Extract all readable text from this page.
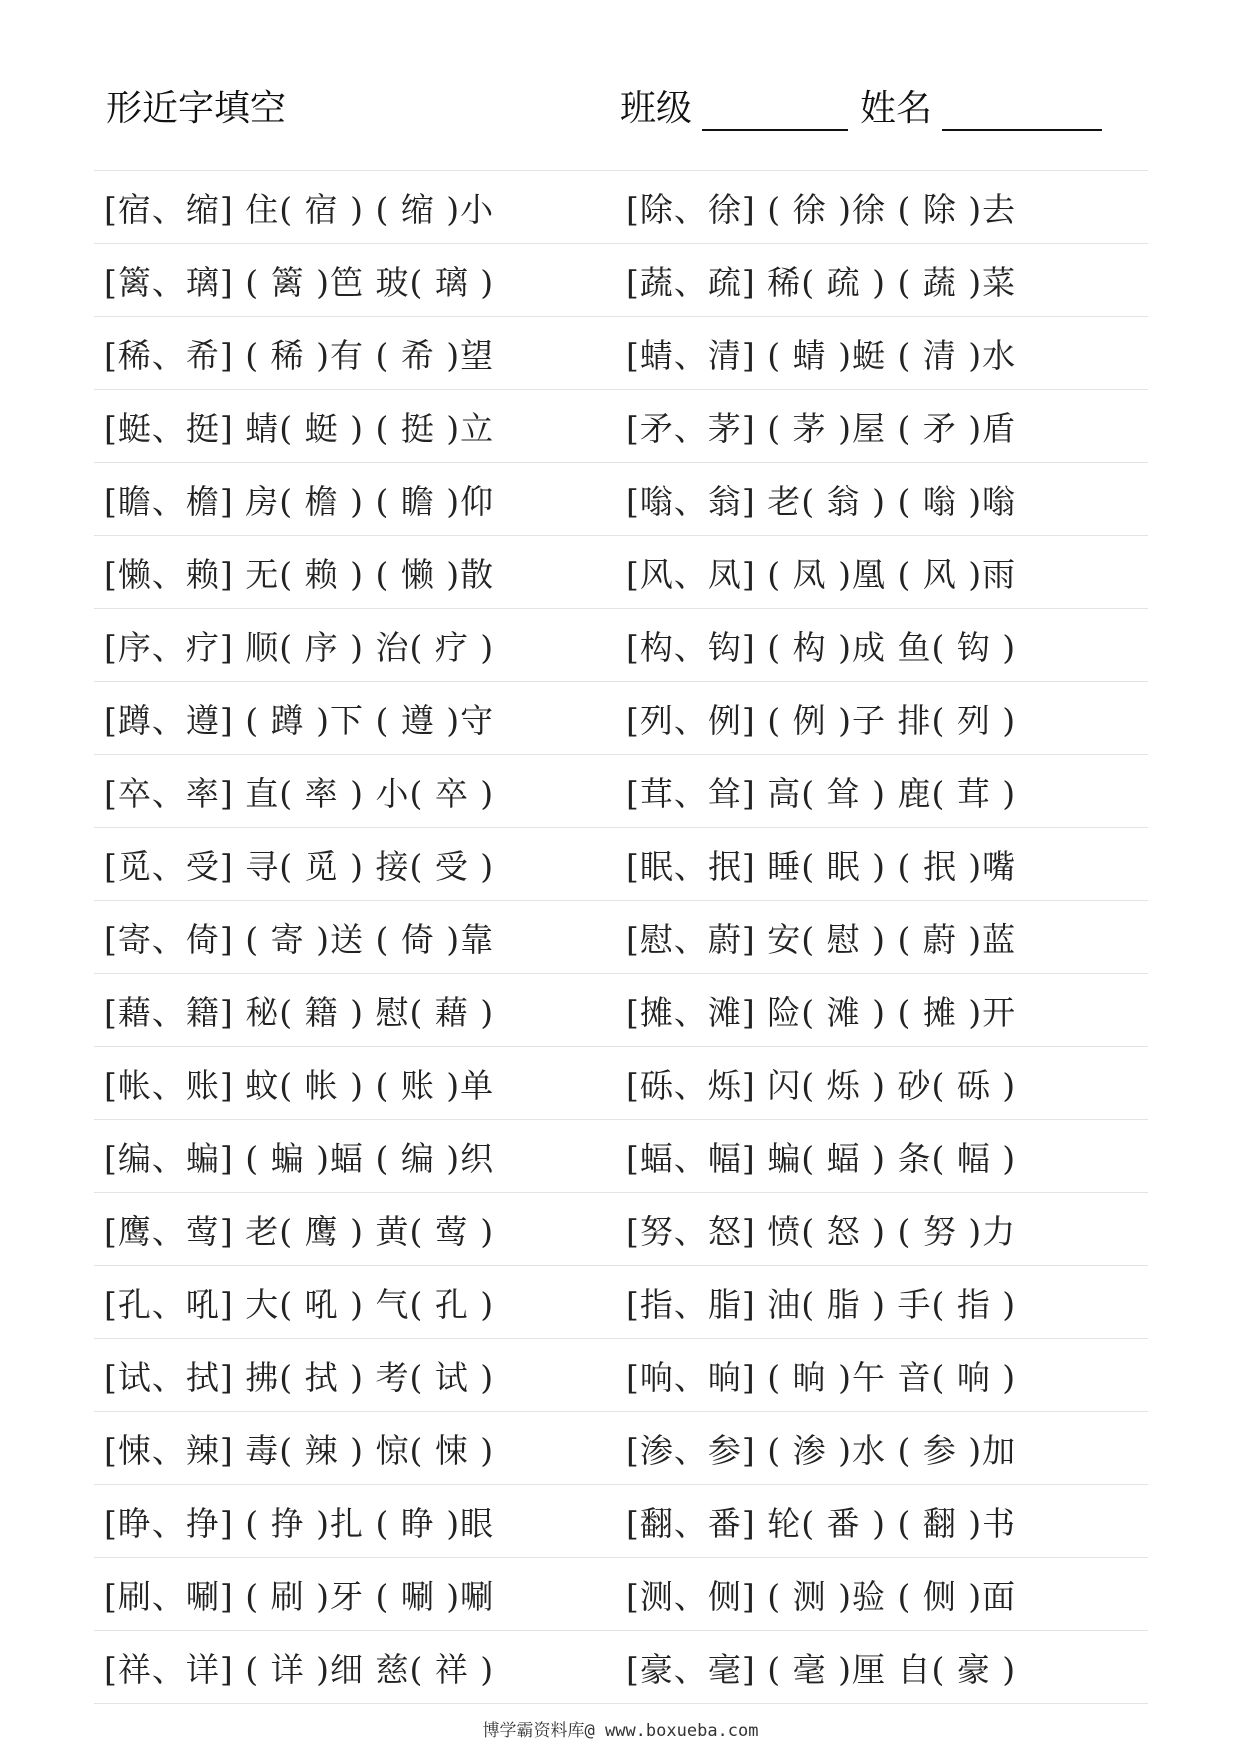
形近字填空	班级	姓名
[宿、缩] 住( 宿 ) ( 缩 )小	[除、徐] ( 徐 )徐 ( 除 )去
[篱、璃] ( 篱 )笆 玻( 璃 )	[蔬、疏] 稀( 疏 ) ( 蔬 )菜
[稀、希] ( 稀 )有 ( 希 )望	[蜻、清] ( 蜻 )蜓 ( 清 )水
[蜓、挺] 蜻( 蜓 ) ( 挺 )立	[矛、茅] ( 茅 )屋 ( 矛 )盾
[瞻、檐] 房( 檐 ) ( 瞻 )仰	[嗡、翁] 老( 翁 ) ( 嗡 )嗡
[懒、赖] 无( 赖 ) ( 懒 )散	[风、凤] ( 凤 )凰 ( 风 )雨
[序、疗] 顺( 序 ) 治( 疗 )	[构、钩] ( 构 )成 鱼( 钩 )
[蹲、遵] ( 蹲 )下 ( 遵 )守	[列、例] ( 例 )子 排( 列 )
[卒、率] 直( 率 ) 小( 卒 )	[茸、耸] 高( 耸 ) 鹿( 茸 )
[觅、受] 寻( 觅 ) 接( 受 )	[眠、抿] 睡( 眠 ) ( 抿 )嘴
[寄、倚] ( 寄 )送 ( 倚 )靠	[慰、蔚] 安( 慰 ) ( 蔚 )蓝
[藉、籍] 秘( 籍 ) 慰( 藉 )	[摊、滩] 险( 滩 ) ( 摊 )开
[帐、账] 蚊( 帐 ) ( 账 )单	[砾、烁] 闪( 烁 ) 砂( 砾 )
[编、蝙] ( 蝙 )蝠 ( 编 )织	[蝠、幅] 蝙( 蝠 ) 条( 幅 )
[鹰、莺] 老( 鹰 ) 黄( 莺 )	[努、怒] 愤( 怒 ) ( 努 )力
[孔、吼] 大( 吼 ) 气( 孔 )	[指、脂] 油( 脂 ) 手( 指 )
[试、拭] 拂( 拭 ) 考( 试 )	[响、晌] ( 晌 )午 音( 响 )
[悚、辣] 毒( 辣 ) 惊( 悚 )	[渗、参] ( 渗 )水 ( 参 )加
[睁、挣] ( 挣 )扎 ( 睁 )眼	[翻、番] 轮( 番 ) ( 翻 )书
[刷、唰] ( 刷 )牙 ( 唰 )唰	[测、侧] ( 测 )验 ( 侧 )面
[祥、详] ( 详 )细 慈( 祥 )	[豪、毫] ( 毫 )厘 自( 豪 )
博学霸资料库@ www.boxueba.com
